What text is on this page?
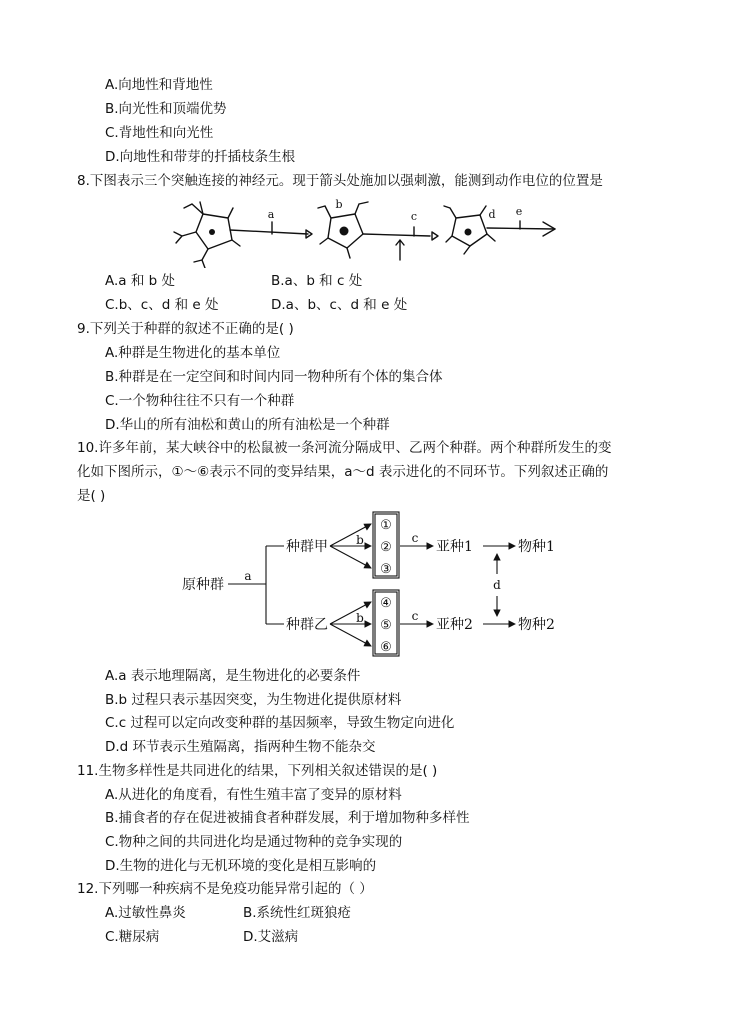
A.向地性和背地性
B.向光性和顶端优势
C.背地性和向光性
D.向地性和带芽的扦插枝条生根
8.下图表示三个突触连接的神经元。现于箭头处施加以强刺激，能测到动作电位的位置是
a
b
c	d e
A.a 和 b 处	B.a、b 和 c 处
C.b、c、d 和 e 处	D.a、b、c、d 和 e 处
9.下列关于种群的叙述不正确的是( )
A.种群是生物进化的基本单位
B.种群是在一定空间和时间内同一物种所有个体的集合体
C.一个物种往往不只有一个种群
D.华山的所有油松和黄山的所有油松是一个种群
10.许多年前，某大峡谷中的松鼠被一条河流分隔成甲、乙两个种群。两个种群所发生的变
化如下图所示，①～⑥表示不同的变异结果，a～d 表示进化的不同环节。下列叙述正确的
是( )
原种群
种群甲
种群乙
亚种1
亚种2
物种1
物种2
①
②
③
④
⑤
⑥
a
b
b
c
c
d
A.a 表示地理隔离，是生物进化的必要条件
B.b 过程只表示基因突变，为生物进化提供原材料
C.c 过程可以定向改变种群的基因频率，导致生物定向进化
D.d 环节表示生殖隔离，指两种生物不能杂交
11.生物多样性是共同进化的结果，下列相关叙述错误的是( )
A.从进化的角度看，有性生殖丰富了变异的原材料
B.捕食者的存在促进被捕食者种群发展，利于增加物种多样性
C.物种之间的共同进化均是通过物种的竞争实现的
D.生物的进化与无机环境的变化是相互影响的
12.下列哪一种疾病不是免疫功能异常引起的（ ）
A.过敏性鼻炎	B.系统性红斑狼疮
C.糖尿病	D.艾滋病
